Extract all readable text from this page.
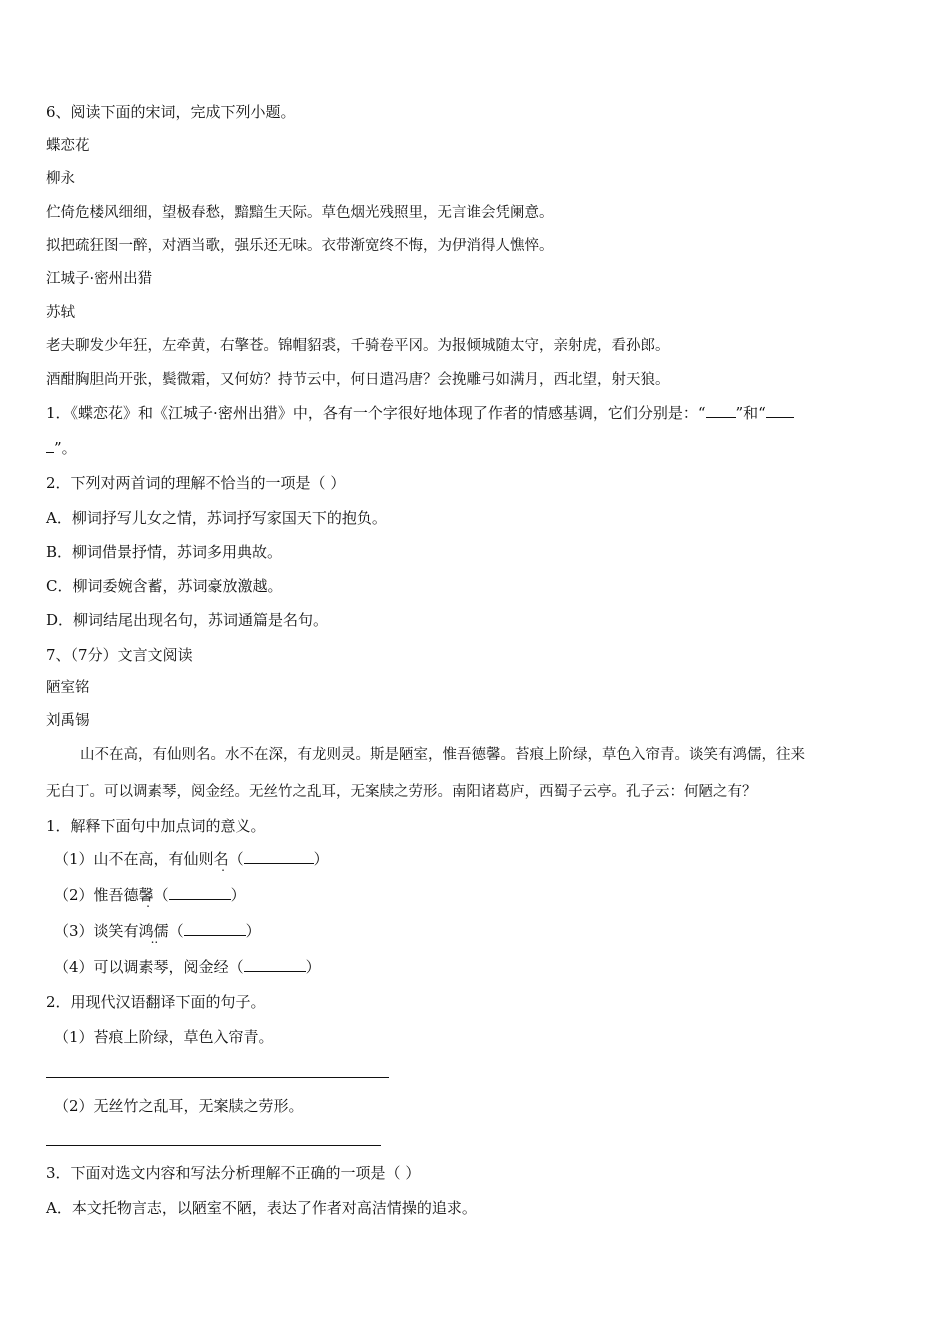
6、阅读下面的宋词，完成下列小题。
蝶恋花
柳永
伫倚危楼风细细，望极春愁，黯黯生天际。草色烟光残照里，无言谁会凭阑意。
拟把疏狂图一醉，对酒当歌，强乐还无味。衣带渐宽终不悔，为伊消得人憔悴。
江城子·密州出猎
苏轼
老夫聊发少年狂，左牵黄，右擎苍。锦帽貂裘，千骑卷平冈。为报倾城随太守，亲射虎，看孙郎。
酒酣胸胆尚开张，鬓微霜，又何妨？持节云中，何日遣冯唐？会挽雕弓如满月，西北望，射天狼。
1．《蝶恋花》和《江城子·密州出猎》中，各有一个字很好地体现了作者的情感基调，它们分别是：“ ”和“
”。
2．下列对两首词的理解不恰当的一项是（ ）
A．柳词抒写儿女之情，苏词抒写家国天下的抱负。
B．柳词借景抒情，苏词多用典故。
C．柳词委婉含蓄，苏词豪放激越。
D．柳词结尾出现名句，苏词通篇是名句。
7、（7分）文言文阅读
陋室铭
刘禹锡
山不在高，有仙则名。水不在深，有龙则灵。斯是陋室，惟吾德馨。苔痕上阶绿，草色入帘青。谈笑有鸿儒，往来
无白丁。可以调素琴，阅金经。无丝竹之乱耳，无案牍之劳形。南阳诸葛庐，西蜀子云亭。孔子云：何陋之有？
1．解释下面句中加点词的意义。
（1）山不在高，有仙则名（	）
（2）惟吾德馨（	）
（3）谈笑有鸿儒 ..（	）
（4）可以调素琴，阅金经（	）
2．用现代汉语翻译下面的句子。
（1）苔痕上阶绿，草色入帘青。
（2）无丝竹之乱耳，无案牍之劳形。
3．下面对选文内容和写法分析理解不正确的一项是（ ）
A．本文托物言志，以陋室不陋，表达了作者对高洁情操的追求。
